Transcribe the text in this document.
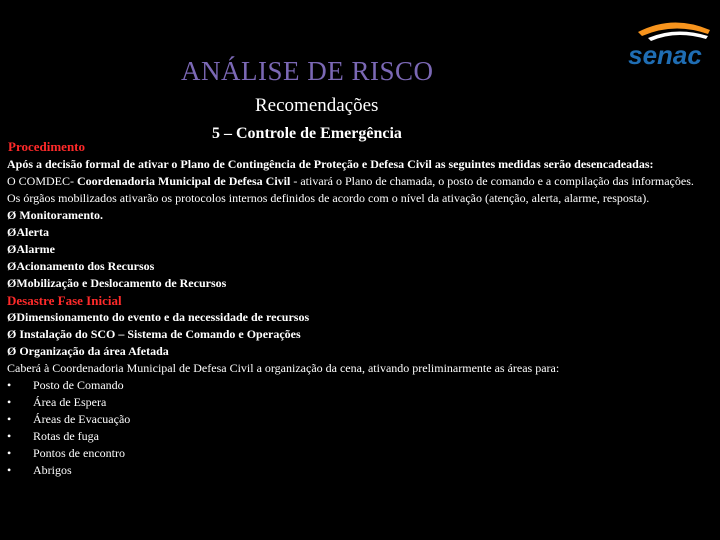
senac
ANÁLISE DE RISCO
Recomendações
5 – Controle de Emergência
Procedimento

Após a decisão formal de ativar o Plano de Contingência de Proteção e Defesa Civil as seguintes medidas serão desencadeadas:

O COMDEC- Coordenadoria Municipal de Defesa Civil - ativará o Plano de chamada, o posto de comando e a compilação das informações.

Os órgãos mobilizados ativarão os protocolos internos definidos de acordo com o nível da ativação (atenção, alerta, alarme, resposta).

Ø Monitoramento.

ØAlerta

ØAlarme

ØAcionamento dos Recursos

ØMobilização e Deslocamento de Recursos

Desastre Fase Inicial

ØDimensionamento do evento e da necessidade de recursos

Ø Instalação do SCO – Sistema de Comando e Operações

Ø Organização da área Afetada

Caberá à Coordenadoria Municipal de Defesa Civil a organização da cena, ativando preliminarmente as áreas para:

•	Posto de Comando
•	Área de Espera
•	Áreas de Evacuação
•	Rotas de fuga
•	Pontos de encontro
•	Abrigos
